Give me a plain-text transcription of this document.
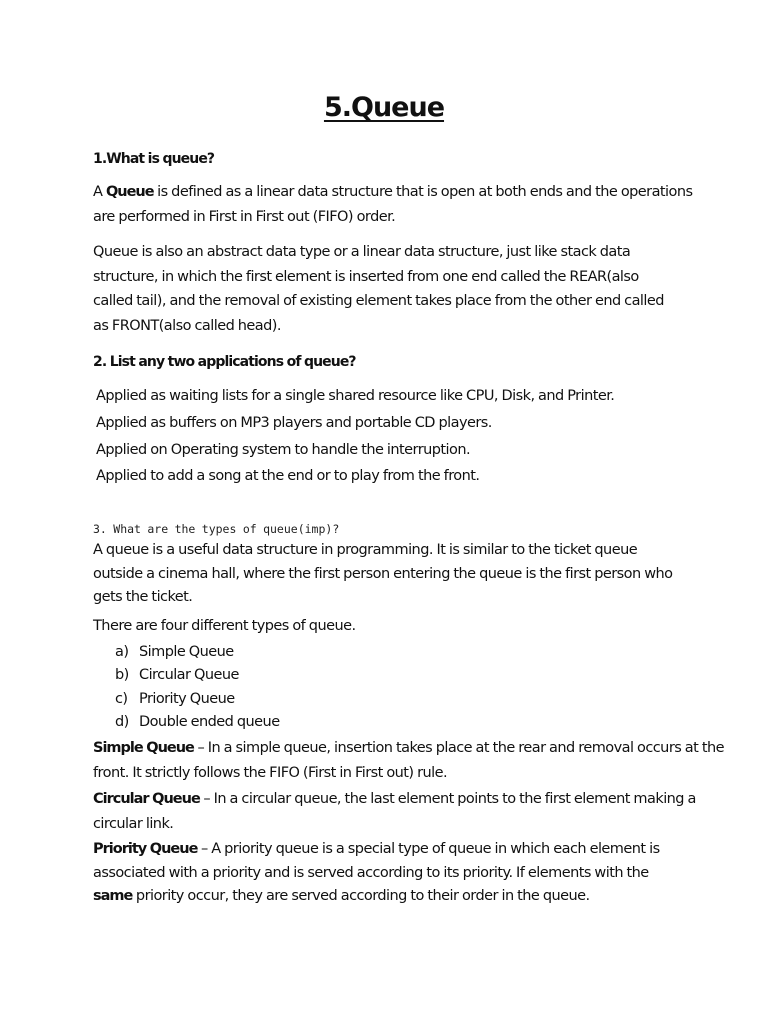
5.Queue
1.What is queue?
A Queue is defined as a linear data structure that is open at both ends and the operations
are performed in First in First out (FIFO) order.
Queue is also an abstract data type or a linear data structure, just like stack data
structure, in which the first element is inserted from one end called the REAR(also
called tail), and the removal of existing element takes place from the other end called
as FRONT(also called head).
2. List any two applications of queue?
Applied as waiting lists for a single shared resource like CPU, Disk, and Printer.
Applied as buffers on MP3 players and portable CD players.
Applied on Operating system to handle the interruption.
Applied to add a song at the end or to play from the front.
3. What are the types of queue(imp)?
A queue is a useful data structure in programming. It is similar to the ticket queue
outside a cinema hall, where the first person entering the queue is the first person who
gets the ticket.
There are four different types of queue.
a) Simple Queue
b) Circular Queue
c) Priority Queue
d) Double ended queue
Simple Queue – In a simple queue, insertion takes place at the rear and removal occurs at the
front. It strictly follows the FIFO (First in First out) rule.
Circular Queue – In a circular queue, the last element points to the first element making a
circular link.
Priority Queue – A priority queue is a special type of queue in which each element is
associated with a priority and is served according to its priority. If elements with the
same priority occur, they are served according to their order in the queue.
